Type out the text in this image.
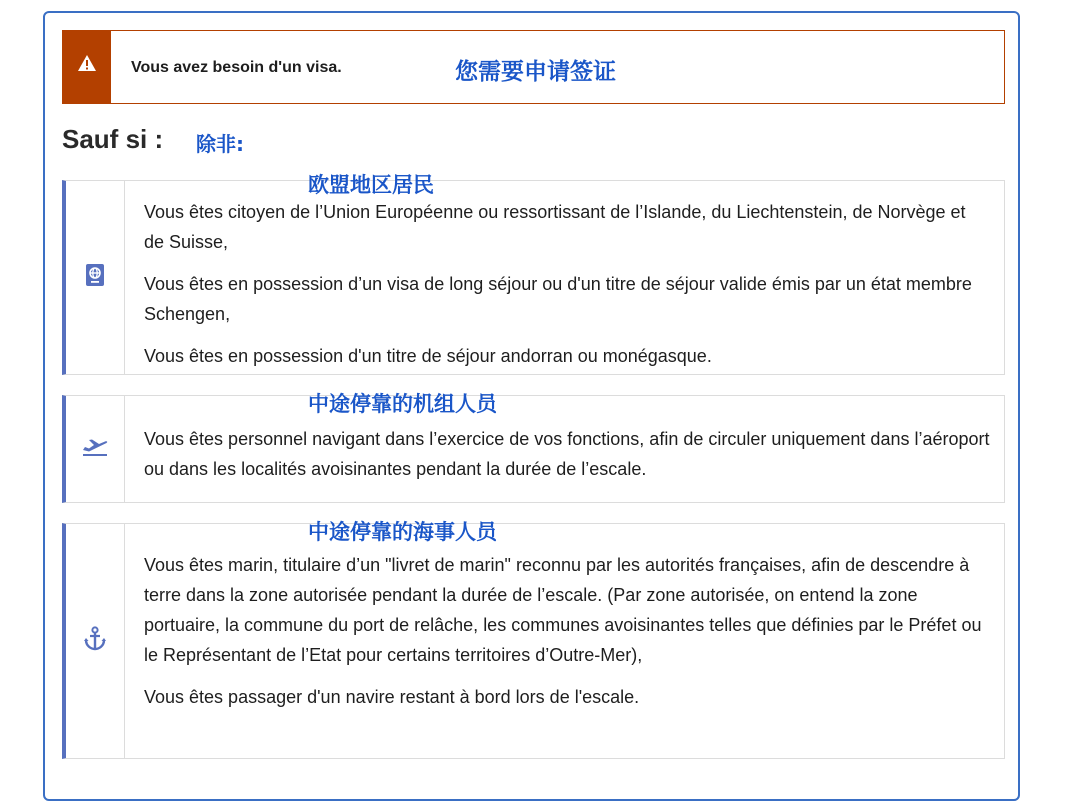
Vous avez besoin d'un visa.	您需要申请签证
Sauf si : 除非:
欧盟地区居民

Vous êtes citoyen de l’Union Européenne ou ressortissant de l’Islande, du Liechtenstein, de Norvège et de Suisse,

Vous êtes en possession d’un visa de long séjour ou d'un titre de séjour valide émis par un état membre Schengen,

Vous êtes en possession d'un titre de séjour andorran ou monégasque.

中途停靠的机组人员

Vous êtes personnel navigant dans l’exercice de vos fonctions, afin de circuler uniquement dans l’aéroport ou dans les localités avoisinantes pendant la durée de l’escale.

中途停靠的海事人员

Vous êtes marin, titulaire d’un "livret de marin" reconnu par les autorités françaises, afin de descendre à terre dans la zone autorisée pendant la durée de l’escale. (Par zone autorisée, on entend la zone portuaire, la commune du port de relâche, les communes avoisinantes telles que définies par le Préfet ou le Représentant de l’Etat pour certains territoires d’Outre-Mer),

Vous êtes passager d'un navire restant à bord lors de l'escale.
